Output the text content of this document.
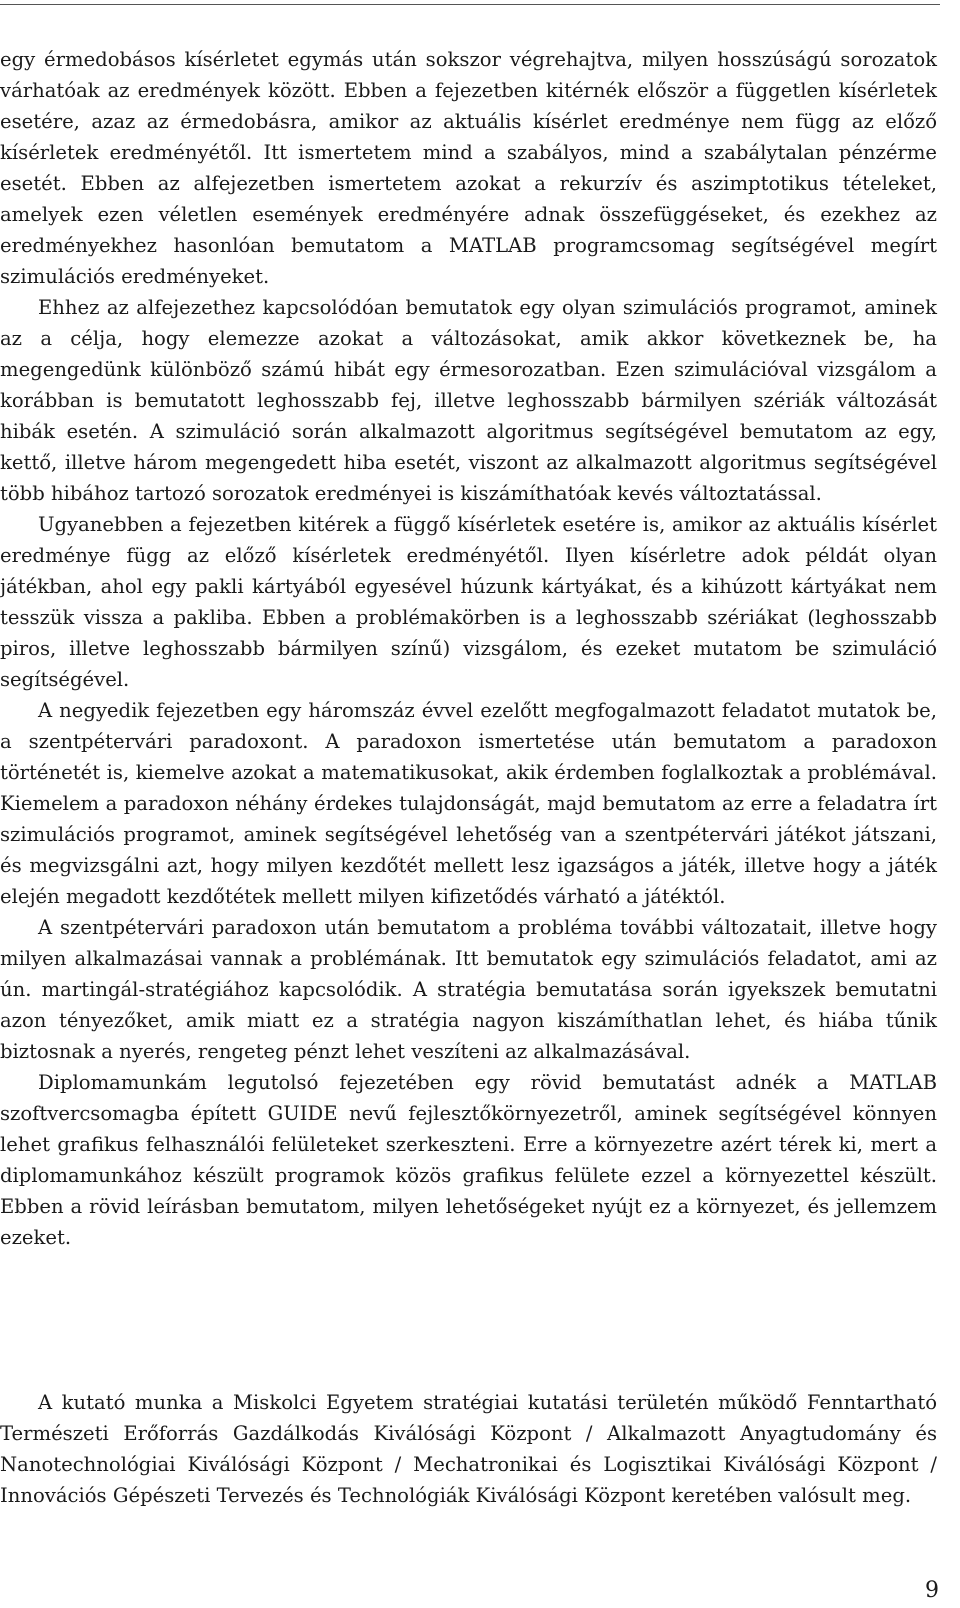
egy érmedobásos kísérletet egymás után sokszor végrehajtva, milyen hosszúságú sorozatok várhatóak az eredmények között. Ebben a fejezetben kitérnék először a független kísérletek esetére, azaz az érmedobásra, amikor az aktuális kísérlet eredménye nem függ az előző kísérletek eredményétől. Itt ismertetem mind a szabályos, mind a szabálytalan pénzérme esetét. Ebben az alfejezetben ismertetem azokat a rekurzív és aszimptotikus tételeket, amelyek ezen véletlen események eredményére adnak összefüggéseket, és ezekhez az eredményekhez hasonlóan bemutatom a MATLAB programcsomag segítségével megírt szimulációs eredményeket.

Ehhez az alfejezethez kapcsolódóan bemutatok egy olyan szimulációs programot, aminek az a célja, hogy elemezze azokat a változásokat, amik akkor következnek be, ha megengedünk különböző számú hibát egy érmesorozatban. Ezen szimulációval vizsgálom a korábban is bemutatott leghosszabb fej, illetve leghosszabb bármilyen szériák változását hibák esetén. A szimuláció során alkalmazott algoritmus segítségével bemutatom az egy, kettő, illetve három megengedett hiba esetét, viszont az alkalmazott algoritmus segítségével több hibához tartozó sorozatok eredményei is kiszámíthatóak kevés változtatással.

Ugyanebben a fejezetben kitérek a függő kísérletek esetére is, amikor az aktuális kísérlet eredménye függ az előző kísérletek eredményétől. Ilyen kísérletre adok példát olyan játékban, ahol egy pakli kártyából egyesével húzunk kártyákat, és a kihúzott kártyákat nem tesszük vissza a pakliba. Ebben a problémakörben is a leghosszabb szériákat (leghosszabb piros, illetve leghosszabb bármilyen színű) vizsgálom, és ezeket mutatom be szimuláció segítségével.

A negyedik fejezetben egy háromszáz évvel ezelőtt megfogalmazott feladatot mutatok be, a szentpétervári paradoxont. A paradoxon ismertetése után bemutatom a paradoxon történetét is, kiemelve azokat a matematikusokat, akik érdemben foglalkoztak a problémával. Kiemelem a paradoxon néhány érdekes tulajdonságát, majd bemutatom az erre a feladatra írt szimulációs programot, aminek segítségével lehetőség van a szentpétervári játékot játszani, és megvizsgálni azt, hogy milyen kezdőtét mellett lesz igazságos a játék, illetve hogy a játék elején megadott kezdőtétek mellett milyen kifizetődés várható a játéktól.

A szentpétervári paradoxon után bemutatom a probléma további változatait, illetve hogy milyen alkalmazásai vannak a problémának. Itt bemutatok egy szimulációs feladatot, ami az ún. martingál-stratégiához kapcsolódik. A stratégia bemutatása során igyekszek bemutatni azon tényezőket, amik miatt ez a stratégia nagyon kiszámíthatlan lehet, és hiába tűnik biztosnak a nyerés, rengeteg pénzt lehet veszíteni az alkalmazásával.

Diplomamunkám legutolsó fejezetében egy rövid bemutatást adnék a MATLAB szoftvercsomagba épített GUIDE nevű fejlesztőkörnyezetről, aminek segítségével könnyen lehet grafikus felhasználói felületeket szerkeszteni. Erre a környezetre azért térek ki, mert a diplomamunkához készült programok közös grafikus felülete ezzel a környezettel készült. Ebben a rövid leírásban bemutatom, milyen lehetőségeket nyújt ez a környezet, és jellemzem ezeket.

A kutató munka a Miskolci Egyetem stratégiai kutatási területén működő Fenntartható Természeti Erőforrás Gazdálkodás Kiválósági Központ / Alkalmazott Anyagtudomány és Nanotechnológiai Kiválósági Központ / Mechatronikai és Logisztikai Kiválósági Központ / Innovációs Gépészeti Tervezés és Technológiák Kiválósági Központ keretében valósult meg.

9
